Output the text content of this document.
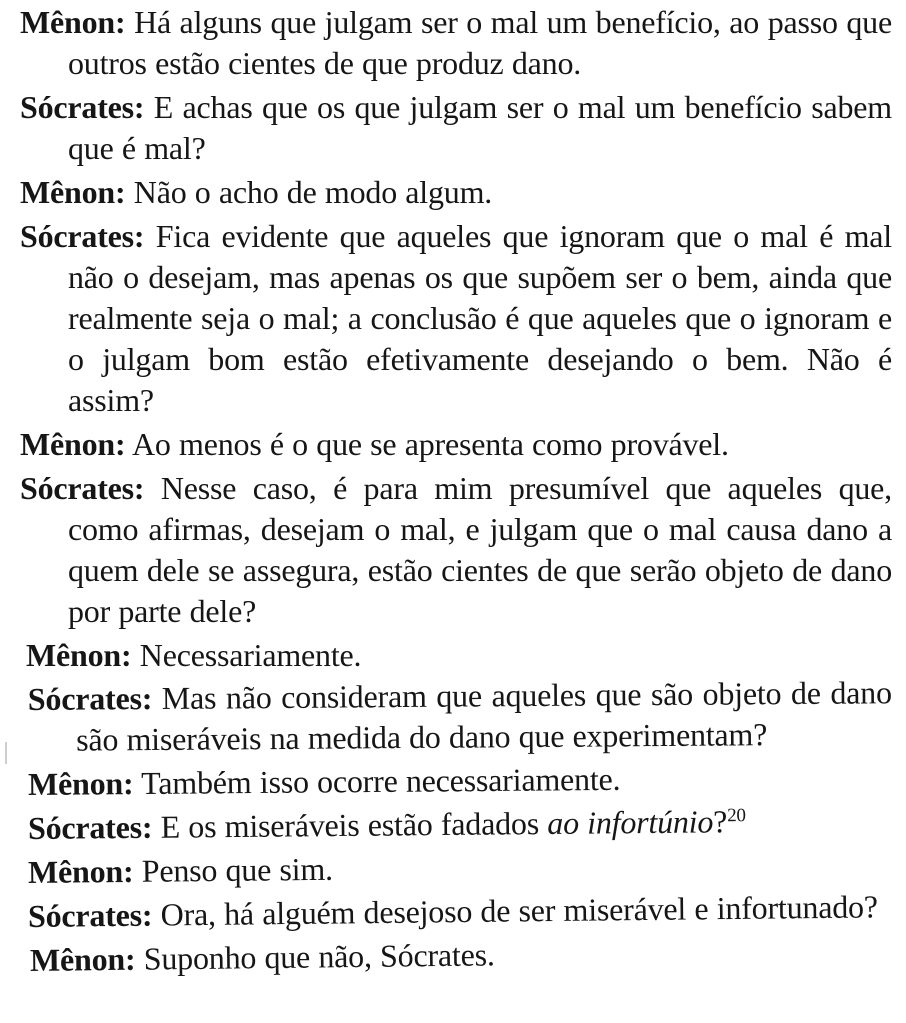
Mênon: Há alguns que julgam ser o mal um benefício, ao passo que outros estão cientes de que produz dano.

Sócrates: E achas que os que julgam ser o mal um benefício sabem que é mal?

Mênon: Não o acho de modo algum.

Sócrates: Fica evidente que aqueles que ignoram que o mal é mal não o desejam, mas apenas os que supõem ser o bem, ainda que realmente seja o mal; a conclusão é que aqueles que o ignoram e o julgam bom estão efetivamente desejando o bem. Não é assim?

Mênon: Ao menos é o que se apresenta como provável.

Sócrates: Nesse caso, é para mim presumível que aqueles que, como afirmas, desejam o mal, e julgam que o mal causa dano a quem dele se assegura, estão cientes de que serão objeto de dano por parte dele?

Mênon: Necessariamente.

Sócrates: Mas não consideram que aqueles que são objeto de dano são miseráveis na medida do dano que experimentam?

Mênon: Também isso ocorre necessariamente.

Sócrates: E os miseráveis estão fadados ao infortúnio?$^{20}$

Mênon: Penso que sim.

Sócrates: Ora, há alguém desejoso de ser miserável e infortunado?

Mênon: Suponho que não, Sócrates.
